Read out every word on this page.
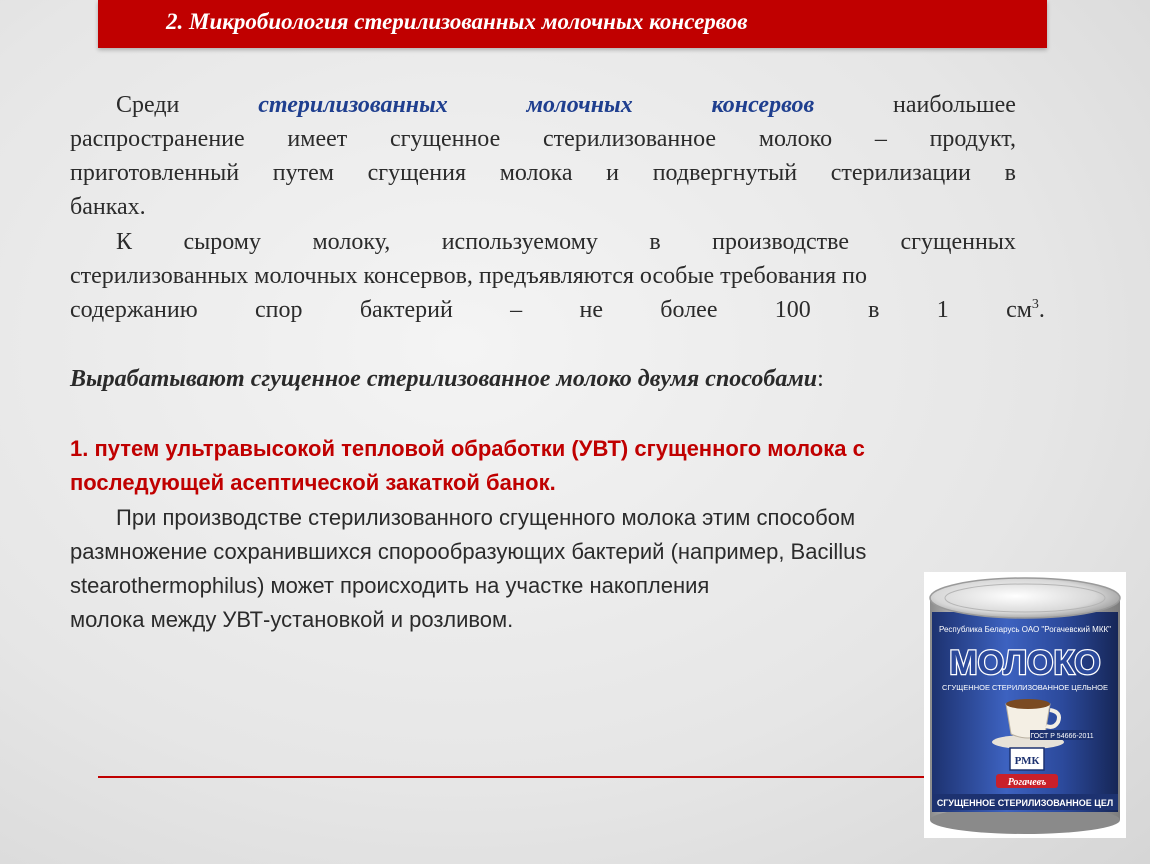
2. Микробиология стерилизованных молочных консервов
Среди	стерилизованных	молочных	консервов	наибольшее
распространение имеет сгущенное стерилизованное молоко – продукт,
приготовленный путем сгущения молока и подвергнутый стерилизации в
банках.
К сырому молоку, используемому в производстве сгущенных
стерилизованных молочных консервов, предъявляются особые требования по
содержанию спор бактерий – не более 100 в 1 $см^3$.
Вырабатывают сгущенное стерилизованное молоко двумя способами:
1. путем ультравысокой тепловой обработки (УВТ) сгущенного молока с
последующей асептической закаткой банок.
При производстве стерилизованного сгущенного молока этим способом
размножение сохранившихся спорообразующих бактерий (например, Bacillus
stearothermophilus) может происходить на участке накопления
молока между УВТ-установкой и розливом.	Республика Беларусь ОАО "Рогачевский МКК"
МОЛОКО
СГУЩЕННОЕ СТЕРИЛИЗОВАННОЕ ЦЕЛЬНОЕ
ГОСТ Р 54666-2011
РМК
Рогачевъ
СГУЩЕННОЕ СТЕРИЛИЗОВАННОЕ ЦЕЛ
